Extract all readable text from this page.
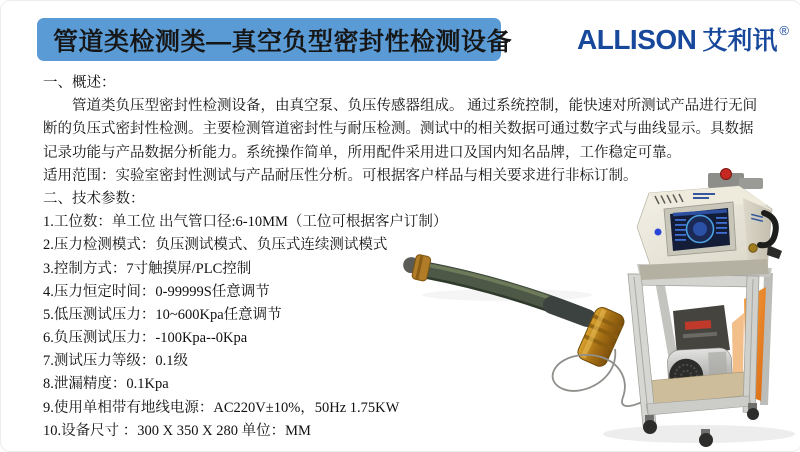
管道类检测类—真空负型密封性检测设备 ALLISON 艾利讯 ®
一、概述：
管道类负压型密封性检测设备，由真空泵、负压传感器组成。 通过系统控制，能快速对所测试产品进行无间
断的负压式密封性检测。主要检测管道密封性与耐压检测。测试中的相关数据可通过数字式与曲线显示。具数据
记录功能与产品数据分析能力。系统操作简单，所用配件采用进口及国内知名品牌，工作稳定可靠。
适用范围：实验室密封性测试与产品耐压性分析。可根据客户样品与相关要求进行非标订制。
二、技术参数：
1.工位数：单工位 出气管口径:6-10MM（工位可根据客户订制）
2.压力检测模式：负压测试模式、负压式连续测试模式
3.控制方式：7寸触摸屏/PLC控制
4.压力恒定时间：0-99999S任意调节
5.低压测试压力：10~600Kpa任意调节
6.负压测试压力：-100Kpa--0Kpa
7.测试压力等级：0.1级
8.泄漏精度：0.1Kpa
9.使用单相带有地线电源：AC220V±10%，50Hz 1.75KW
10.设备尺寸 ：300 X 350 X 280 单位：MM
